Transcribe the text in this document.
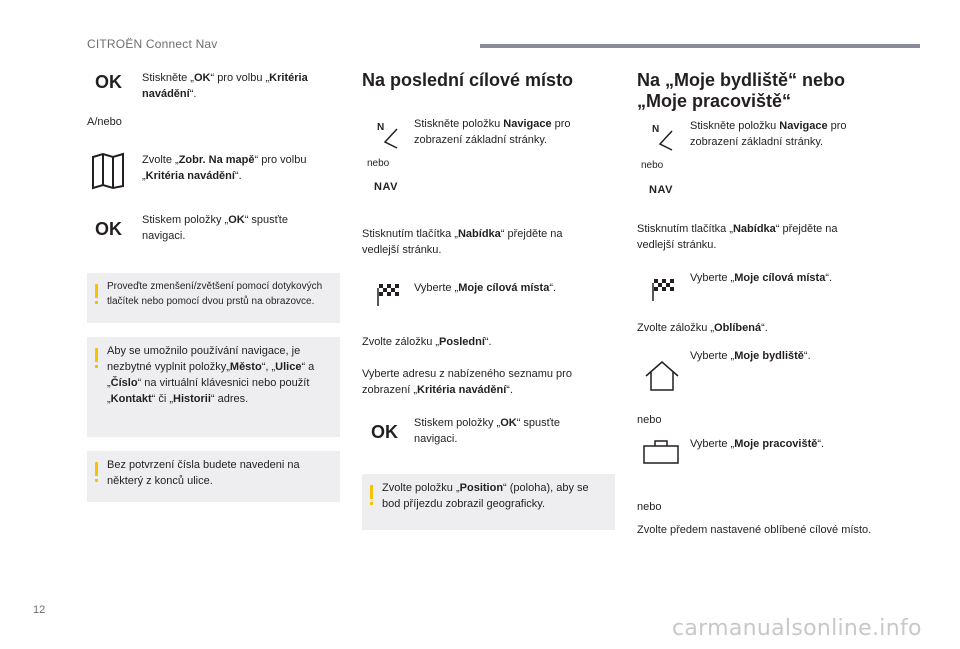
CITROËN Connect Nav
OK Stiskněte „OK“ pro volbu „Kritéria navádění“.
A/nebo
Zvolte „Zobr. Na mapě“ pro volbu „Kritéria navádění“.
OK Stiskem položky „OK“ spusťte navigaci.
Proveďte zmenšení/zvětšení pomocí dotykových tlačítek nebo pomocí dvou prstů na obrazovce.
Aby se umožnilo používání navigace, je nezbytné vyplnit položky„Město“, „Ulice“ a „Číslo“ na virtuální klávesnici nebo použít „Kontakt“ či „Historii“ adres.
Bez potvrzení čísla budete navedeni na některý z konců ulice.
Na poslední cílové místo
N
nebo
NAV
Stiskněte položku Navigace pro zobrazení základní stránky.
Stisknutím tlačítka „Nabídka“ přejděte na vedlejší stránku.
Vyberte „Moje cílová místa“.
Zvolte záložku „Poslední“.
Vyberte adresu z nabízeného seznamu pro zobrazení „Kritéria navádění“.
OK Stiskem položky „OK“ spusťte navigaci.
Zvolte položku „Position“ (poloha), aby se bod příjezdu zobrazil geograficky.
Na „Moje bydliště“ nebo „Moje pracoviště“
N
nebo
NAV
Stiskněte položku Navigace pro zobrazení základní stránky.
Stisknutím tlačítka „Nabídka“ přejděte na vedlejší stránku.
Vyberte „Moje cílová místa“.
Zvolte záložku „Oblíbená“.
Vyberte „Moje bydliště“.
nebo
Vyberte „Moje pracoviště“.
nebo
Zvolte předem nastavené oblíbené cílové místo.
12
carmanualsonline.info
